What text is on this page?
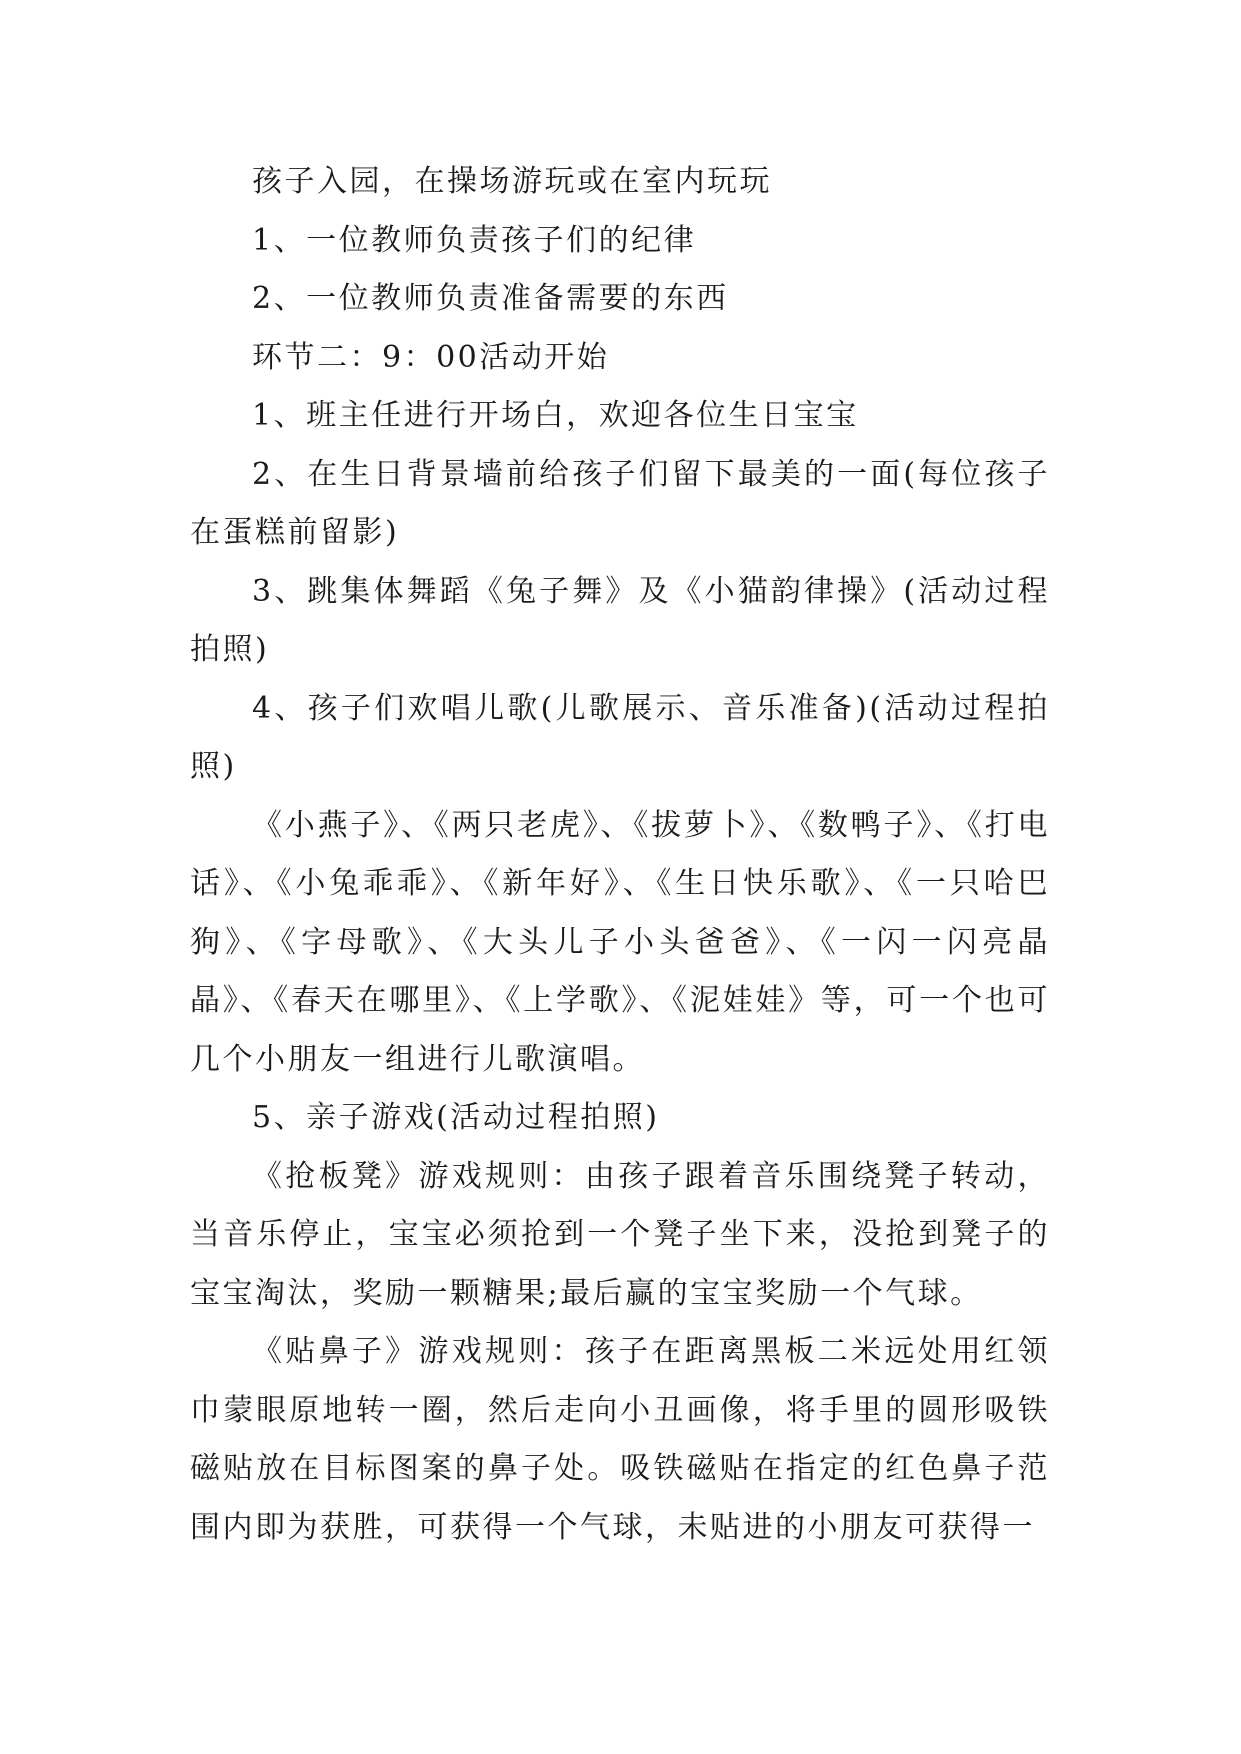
孩子入园，在操场游玩或在室内玩玩

1、一位教师负责孩子们的纪律

2、一位教师负责准备需要的东西

环节二：9：00活动开始

1、班主任进行开场白，欢迎各位生日宝宝

2、在生日背景墙前给孩子们留下最美的一面(每位孩子在蛋糕前留影)

3、跳集体舞蹈《兔子舞》及《小猫韵律操》(活动过程拍照)

4、孩子们欢唱儿歌(儿歌展示、音乐准备)(活动过程拍照)

《小燕子》、《两只老虎》、《拔萝卜》、《数鸭子》、《打电话》、《小兔乖乖》、《新年好》、《生日快乐歌》、《一只哈巴狗》、《字母歌》、《大头儿子小头爸爸》、《一闪一闪亮晶晶》、《春天在哪里》、《上学歌》、《泥娃娃》等，可一个也可几个小朋友一组进行儿歌演唱。

5、亲子游戏(活动过程拍照)

《抢板凳》游戏规则：由孩子跟着音乐围绕凳子转动，当音乐停止，宝宝必须抢到一个凳子坐下来，没抢到凳子的宝宝淘汰，奖励一颗糖果;最后赢的宝宝奖励一个气球。

《贴鼻子》游戏规则：孩子在距离黑板二米远处用红领巾蒙眼原地转一圈，然后走向小丑画像，将手里的圆形吸铁磁贴放在目标图案的鼻子处。吸铁磁贴在指定的红色鼻子范围内即为获胜，可获得一个气球，未贴进的小朋友可获得一
